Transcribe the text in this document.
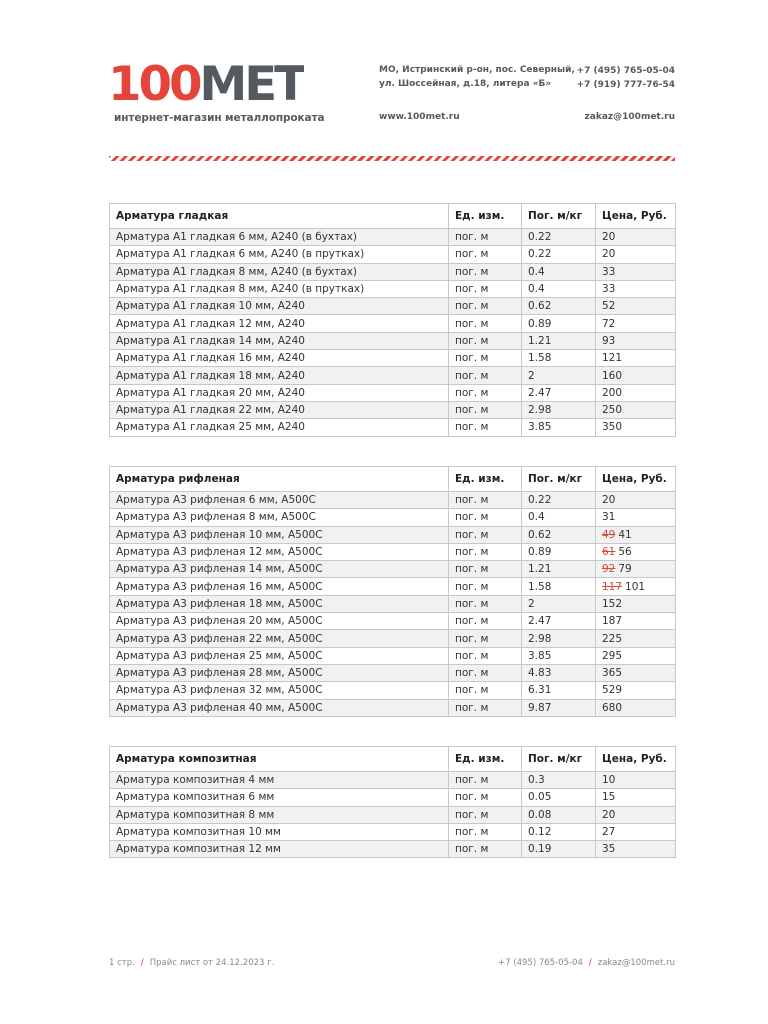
100МЕТ
интернет-магазин металлопроката
МО, Истринский р-он, пос. Северный,
ул. Шоссейная, д.18, литера «Б»
www.100met.ru
+7 (495) 765-05-04
+7 (919) 777-76-54
zakaz@100met.ru
Арматура гладкая	Ед. изм.	Пог. м/кг	Цена, Руб.
Арматура А1 гладкая 6 мм, А240 (в бухтах)	пог. м	0.22	20
Арматура А1 гладкая 6 мм, А240 (в прутках)	пог. м	0.22	20
Арматура А1 гладкая 8 мм, А240 (в бухтах)	пог. м	0.4	33
Арматура А1 гладкая 8 мм, А240 (в прутках)	пог. м	0.4	33
Арматура А1 гладкая 10 мм, А240	пог. м	0.62	52
Арматура А1 гладкая 12 мм, А240	пог. м	0.89	72
Арматура А1 гладкая 14 мм, А240	пог. м	1.21	93
Арматура А1 гладкая 16 мм, А240	пог. м	1.58	121
Арматура А1 гладкая 18 мм, А240	пог. м	2	160
Арматура А1 гладкая 20 мм, А240	пог. м	2.47	200
Арматура А1 гладкая 22 мм, А240	пог. м	2.98	250
Арматура А1 гладкая 25 мм, А240	пог. м	3.85	350
Арматура рифленая	Ед. изм.	Пог. м/кг	Цена, Руб.
Арматура А3 рифленая 6 мм, А500С	пог. м	0.22	20
Арматура А3 рифленая 8 мм, А500С	пог. м	0.4	31
Арматура А3 рифленая 10 мм, А500С	пог. м	0.62	49 41
Арматура А3 рифленая 12 мм, А500С	пог. м	0.89	61 56
Арматура А3 рифленая 14 мм, А500С	пог. м	1.21	92 79
Арматура А3 рифленая 16 мм, А500С	пог. м	1.58	117 101
Арматура А3 рифленая 18 мм, А500С	пог. м	2	152
Арматура А3 рифленая 20 мм, А500С	пог. м	2.47	187
Арматура А3 рифленая 22 мм, А500С	пог. м	2.98	225
Арматура А3 рифленая 25 мм, А500С	пог. м	3.85	295
Арматура А3 рифленая 28 мм, А500С	пог. м	4.83	365
Арматура А3 рифленая 32 мм, А500С	пог. м	6.31	529
Арматура А3 рифленая 40 мм, А500С	пог. м	9.87	680
Арматура композитная	Ед. изм.	Пог. м/кг	Цена, Руб.
Арматура композитная 4 мм	пог. м	0.3	10
Арматура композитная 6 мм	пог. м	0.05	15
Арматура композитная 8 мм	пог. м	0.08	20
Арматура композитная 10 мм	пог. м	0.12	27
Арматура композитная 12 мм	пог. м	0.19	35
1 стр. / Прайс лист от 24.12.2023 г.	+7 (495) 765-05-04 / zakaz@100met.ru
